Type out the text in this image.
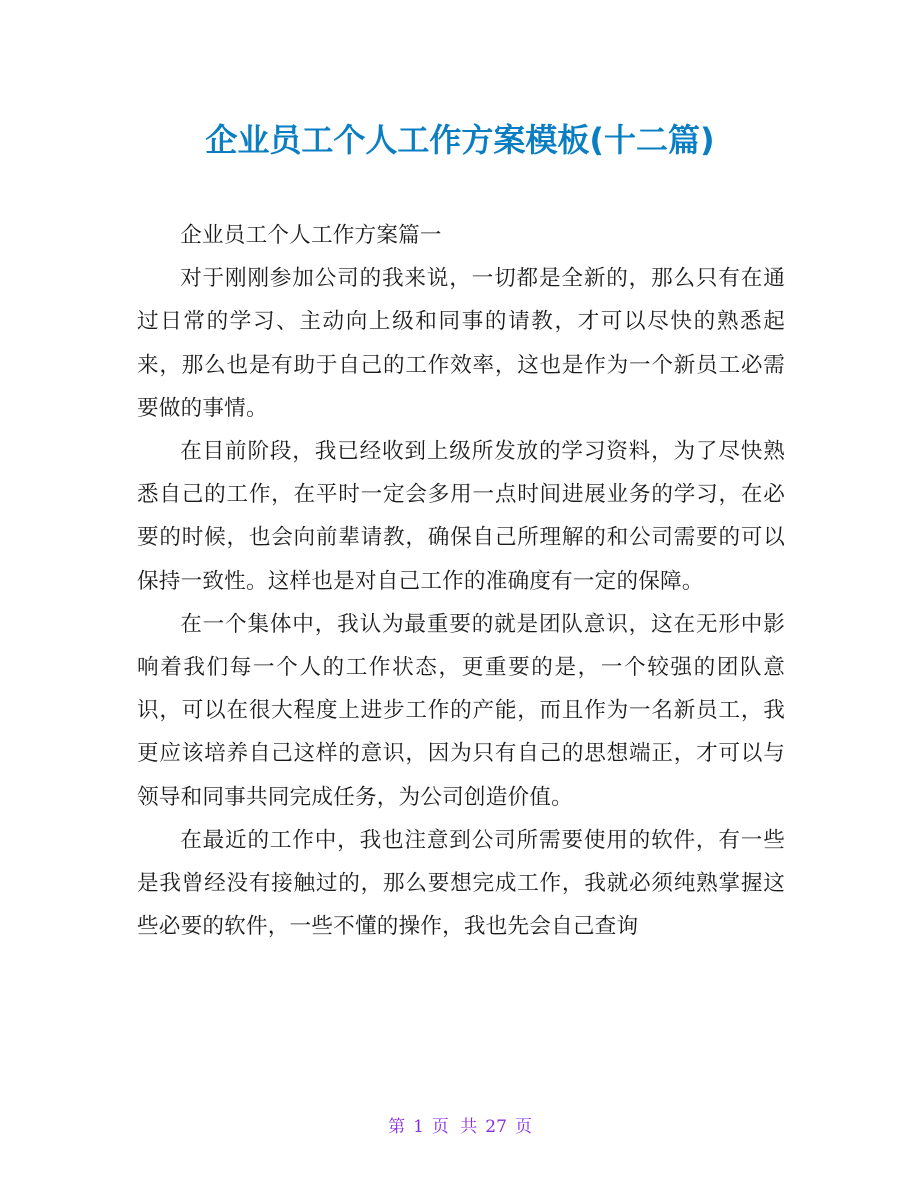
企业员工个人工作方案模板(十二篇)

企业员工个人工作方案篇一

对于刚刚参加公司的我来说，一切都是全新的，那么只有在通过日常的学习、主动向上级和同事的请教，才可以尽快的熟悉起来，那么也是有助于自己的工作效率，这也是作为一个新员工必需要做的事情。

在目前阶段，我已经收到上级所发放的学习资料，为了尽快熟悉自己的工作，在平时一定会多用一点时间进展业务的学习，在必要的时候，也会向前辈请教，确保自己所理解的和公司需要的可以保持一致性。这样也是对自己工作的准确度有一定的保障。

在一个集体中，我认为最重要的就是团队意识，这在无形中影响着我们每一个人的工作状态，更重要的是，一个较强的团队意识，可以在很大程度上进步工作的产能，而且作为一名新员工，我更应该培养自己这样的意识，因为只有自己的思想端正，才可以与领导和同事共同完成任务，为公司创造价值。

在最近的工作中，我也注意到公司所需要使用的软件，有一些是我曾经没有接触过的，那么要想完成工作，我就必须纯熟掌握这些必要的软件，一些不懂的操作，我也先会自己查询

第 1 页 共 27 页
